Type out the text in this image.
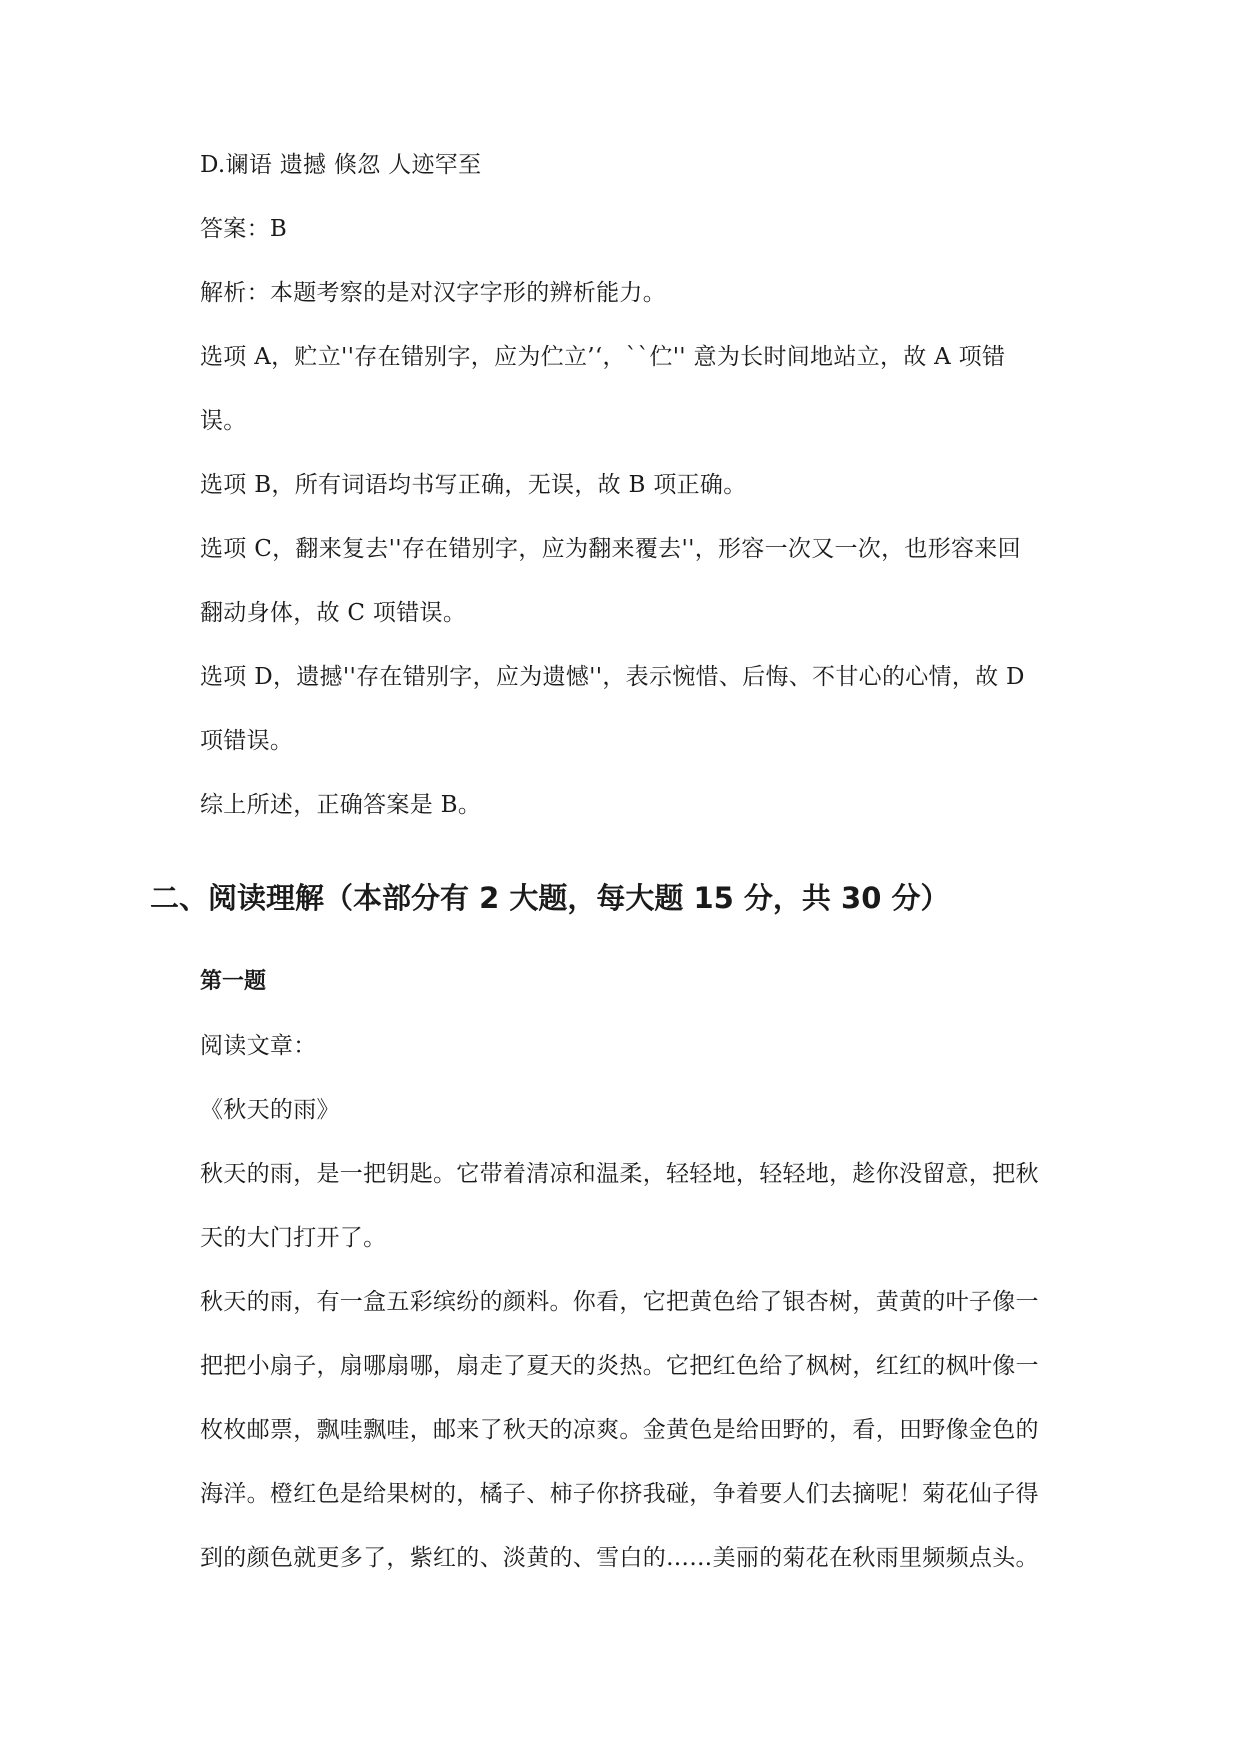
D.谰语 遗撼 倏忽 人迹罕至
答案：B
解析：本题考察的是对汉字字形的辨析能力。
选项 A，贮立''存在错别字，应为伫立’‘，``伫'' 意为长时间地站立，故 A 项错
误。
选项 B，所有词语均书写正确，无误，故 B 项正确。
选项 C，翻来复去''存在错别字，应为翻来覆去''，形容一次又一次，也形容来回
翻动身体，故 C 项错误。
选项 D，遗撼''存在错别字，应为遗憾''，表示惋惜、后悔、不甘心的心情，故 D
项错误。
综上所述，正确答案是 B。
二、阅读理解（本部分有 2 大题，每大题 15 分，共 30 分）
第一题
阅读文章：
《秋天的雨》
秋天的雨，是一把钥匙。它带着清凉和温柔，轻轻地，轻轻地，趁你没留意，把秋
天的大门打开了。
秋天的雨，有一盒五彩缤纷的颜料。你看，它把黄色给了银杏树，黄黄的叶子像一
把把小扇子，扇哪扇哪，扇走了夏天的炎热。它把红色给了枫树，红红的枫叶像一
枚枚邮票，飘哇飘哇，邮来了秋天的凉爽。金黄色是给田野的，看，田野像金色的
海洋。橙红色是给果树的，橘子、柿子你挤我碰，争着要人们去摘呢！菊花仙子得
到的颜色就更多了，紫红的、淡黄的、雪白的……美丽的菊花在秋雨里频频点头。
